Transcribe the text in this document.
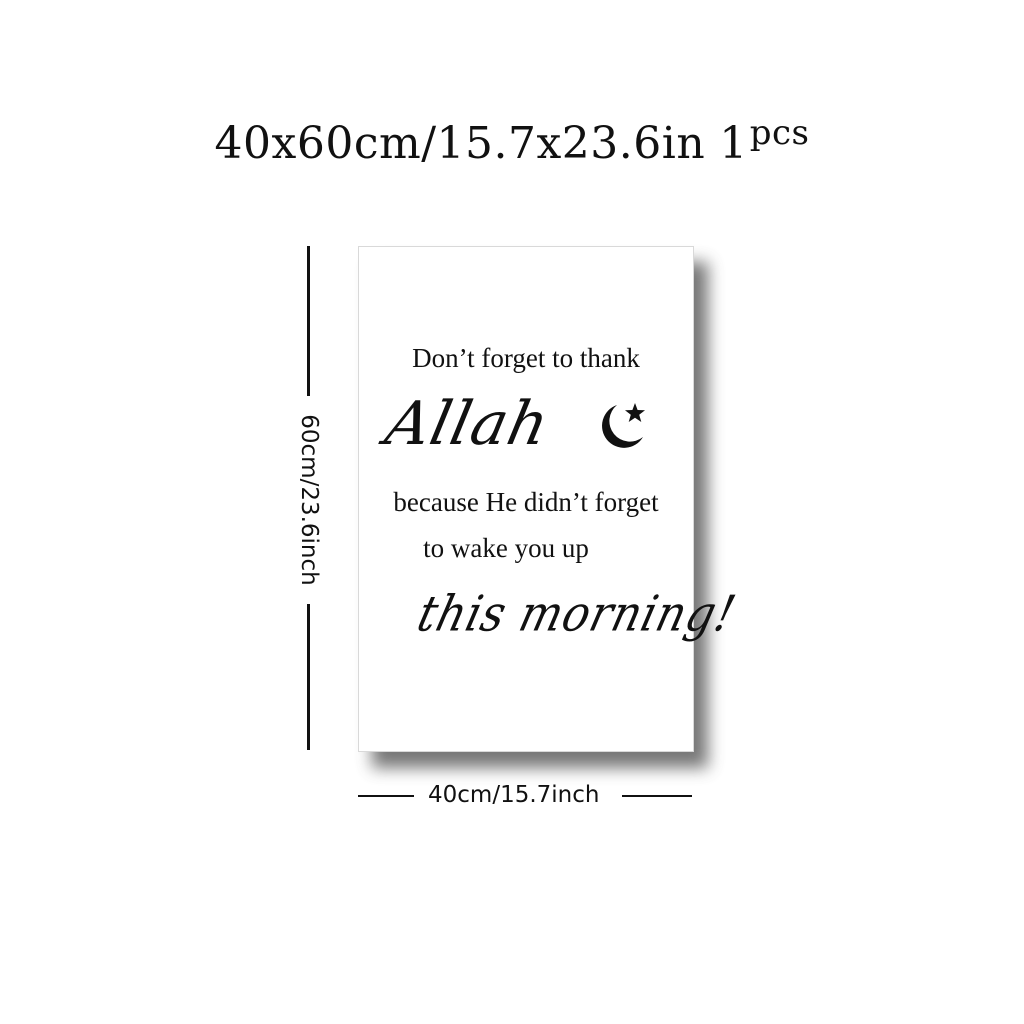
40x60cm/15.7x23.6in $1^{pcs}$
Don’t forget to thank
Allah
because He didn’t forget
to wake you up
this morning!
60cm/23.6inch
40cm/15.7inch
